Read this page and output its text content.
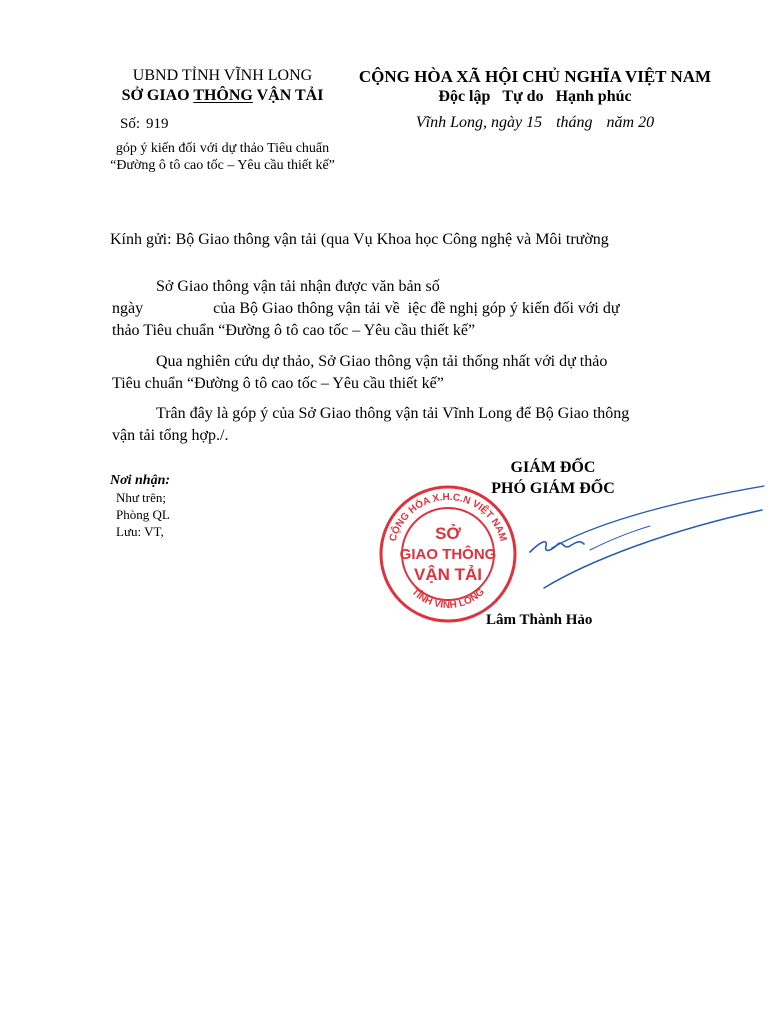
UBND TỈNH VĨNH LONG
SỞ GIAO THÔNG VẬN TẢI
Số: 919
góp ý kiến đối với dự thảo Tiêu chuẩn “Đường ô tô cao tốc – Yêu cầu thiết kế”
CỘNG HÒA XÃ HỘI CHỦ NGHĨA VIỆT NAM
Độc lập Tự do Hạnh phúc
Vĩnh Long, ngày 15 tháng năm 20
Kính gửi: Bộ Giao thông vận tải (qua Vụ Khoa học Công nghệ và Môi trường
Sở Giao thông vận tải nhận được văn bản số
ngày	của Bộ Giao thông vận tải về iệc đề nghị góp ý kiến đối với dự
thảo Tiêu chuẩn “Đường ô tô cao tốc – Yêu cầu thiết kế”
Qua nghiên cứu dự thảo, Sở Giao thông vận tải thống nhất với dự thảo
Tiêu chuẩn “Đường ô tô cao tốc – Yêu cầu thiết kế”
Trân đây là góp ý của Sở Giao thông vận tải Vĩnh Long để Bộ Giao thông
vận tải tổng hợp./.
Nơi nhận:
Như trên;
Phòng QL
Lưu: VT,
GIÁM ĐỐC
PHÓ GIÁM ĐỐC
CỘNG HÒA X.H.C.N VIỆT NAM
TỈNH VĨNH LONG
SỞ
GIAO THÔNG
VẬN TẢI
Lâm Thành Hảo
